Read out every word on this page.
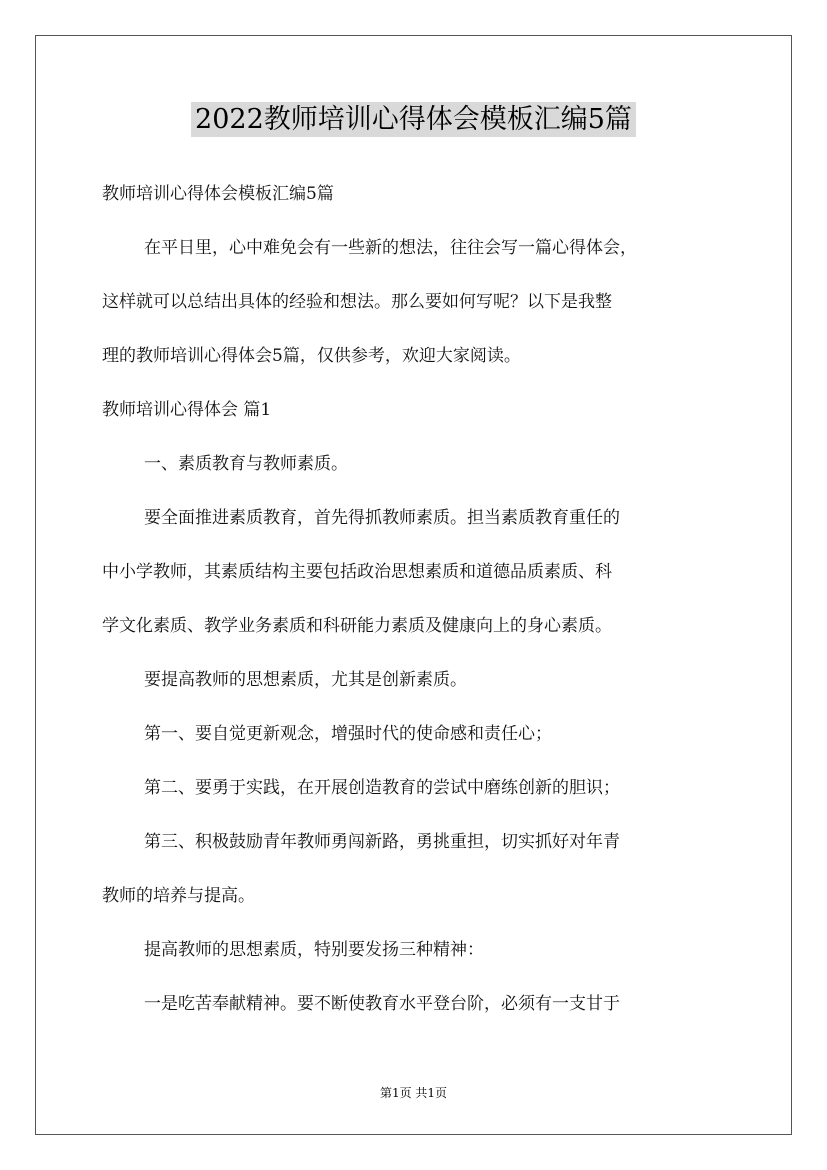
2022教师培训心得体会模板汇编5篇
教师培训心得体会模板汇编5篇
在平日里，心中难免会有一些新的想法，往往会写一篇心得体会，
这样就可以总结出具体的经验和想法。那么要如何写呢？以下是我整
理的教师培训心得体会5篇，仅供参考，欢迎大家阅读。
教师培训心得体会 篇1
一、素质教育与教师素质。
要全面推进素质教育，首先得抓教师素质。担当素质教育重任的
中小学教师，其素质结构主要包括政治思想素质和道德品质素质、科
学文化素质、教学业务素质和科研能力素质及健康向上的身心素质。
要提高教师的思想素质，尤其是创新素质。
第一、要自觉更新观念，增强时代的使命感和责任心；
第二、要勇于实践，在开展创造教育的尝试中磨练创新的胆识；
第三、积极鼓励青年教师勇闯新路，勇挑重担，切实抓好对年青
教师的培养与提高。
提高教师的思想素质，特别要发扬三种精神：
一是吃苦奉献精神。要不断使教育水平登台阶，必须有一支甘于
第1页 共1页
